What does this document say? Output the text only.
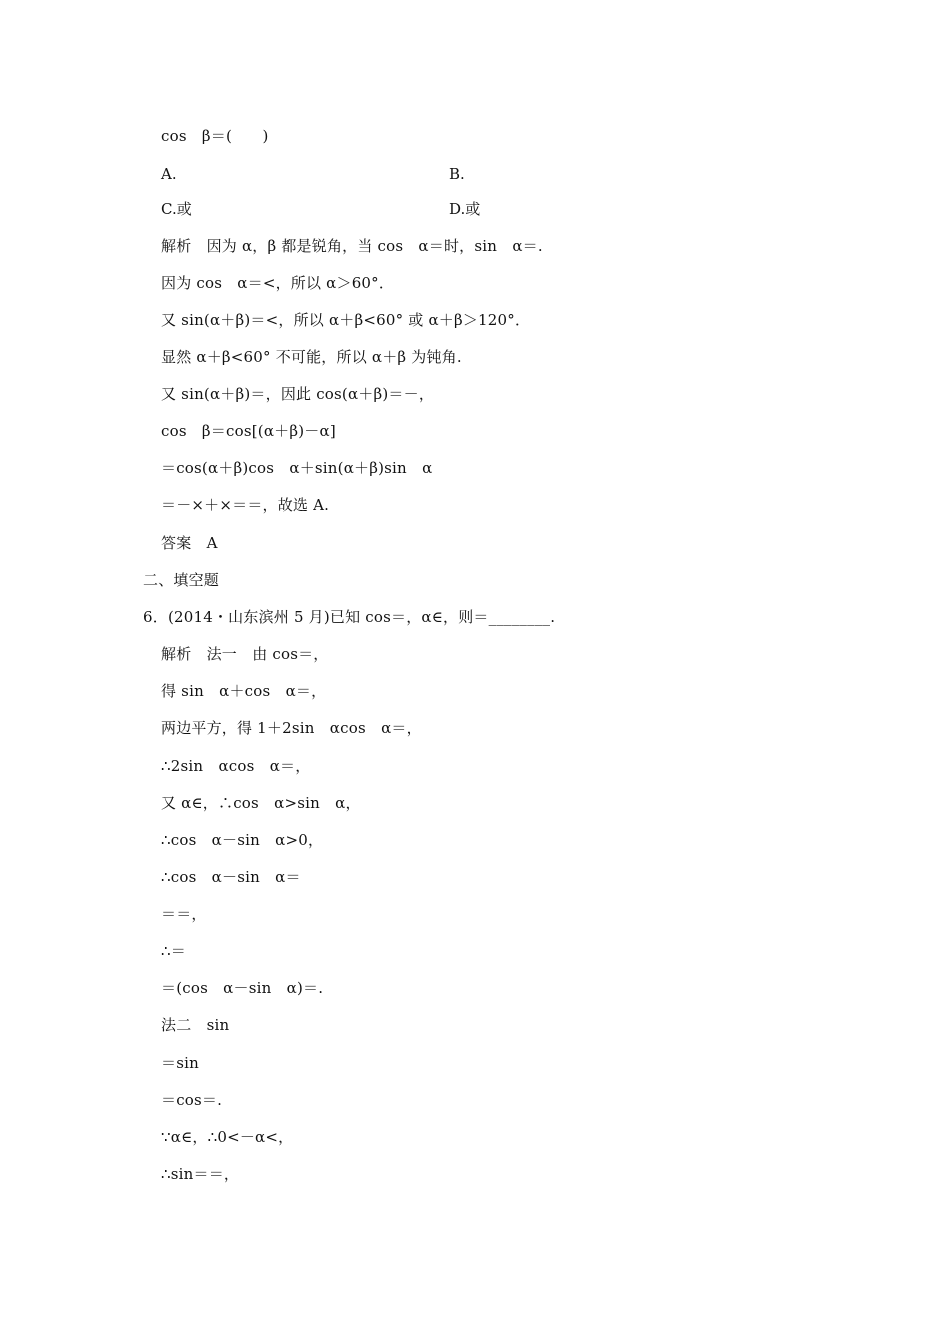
cos　β＝(　　)
A.	B.
C.或	D.或
解析　因为 α，β 都是锐角，当 cos　α＝时，sin　α＝.
因为 cos　α＝<，所以 α＞60°．
又 sin(α＋β)＝<，所以 α＋β<60° 或 α＋β＞120°．
显然 α＋β<60° 不可能，所以 α＋β 为钝角.
又 sin(α＋β)＝，因此 cos(α＋β)＝－，
cos　β＝cos[(α＋β)－α]
＝cos(α＋β)cos　α＋sin(α＋β)sin　α
＝－×＋×＝＝，故选 A.
答案　A
二、填空题
6．(2014・山东滨州 5 月)已知 cos＝，α∈，则＝________.
解析　法一　由 cos＝，
得 sin　α＋cos　α＝，
两边平方，得 1＋2sin　αcos　α＝，
∴2sin　αcos　α＝，
又 α∈，∴cos　α>sin　α，
∴cos　α－sin　α>0，
∴cos　α－sin　α＝
＝＝，
∴＝
＝(cos　α－sin　α)＝.
法二　sin
＝sin
＝cos＝.
∵α∈，∴0<－α<，
∴sin＝＝，
